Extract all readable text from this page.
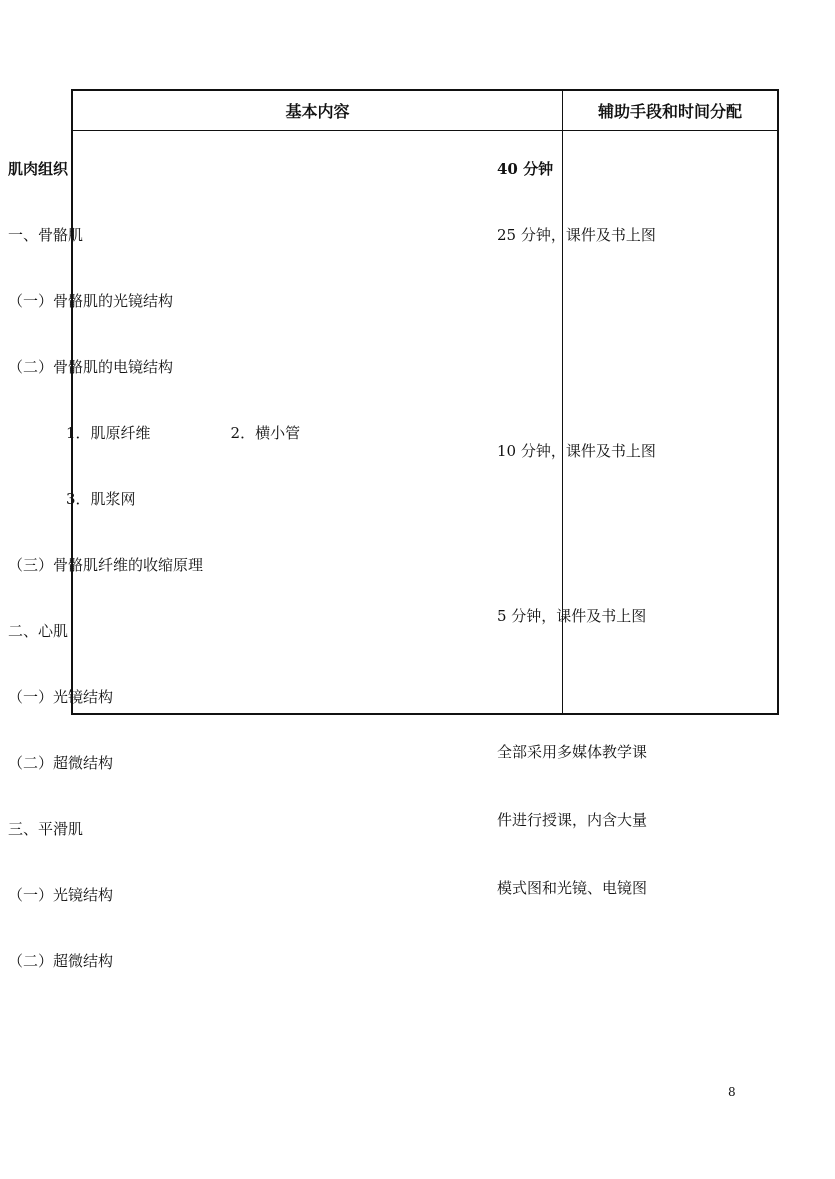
基本内容	辅助手段和时间分配

肌肉组织

一、骨骼肌

（一）骨骼肌的光镜结构

（二）骨骼肌的电镜结构

1．肌原纤维	2．横小管

3．肌浆网

（三）骨骼肌纤维的收缩原理

二、心肌

（一）光镜结构

（二）超微结构

三、平滑肌

（一）光镜结构

（二）超微结构

40 分钟

25 分钟，课件及书上图

10 分钟，课件及书上图

5 分钟，课件及书上图

全部采用多媒体教学课

件进行授课，内含大量

模式图和光镜、电镜图

8
